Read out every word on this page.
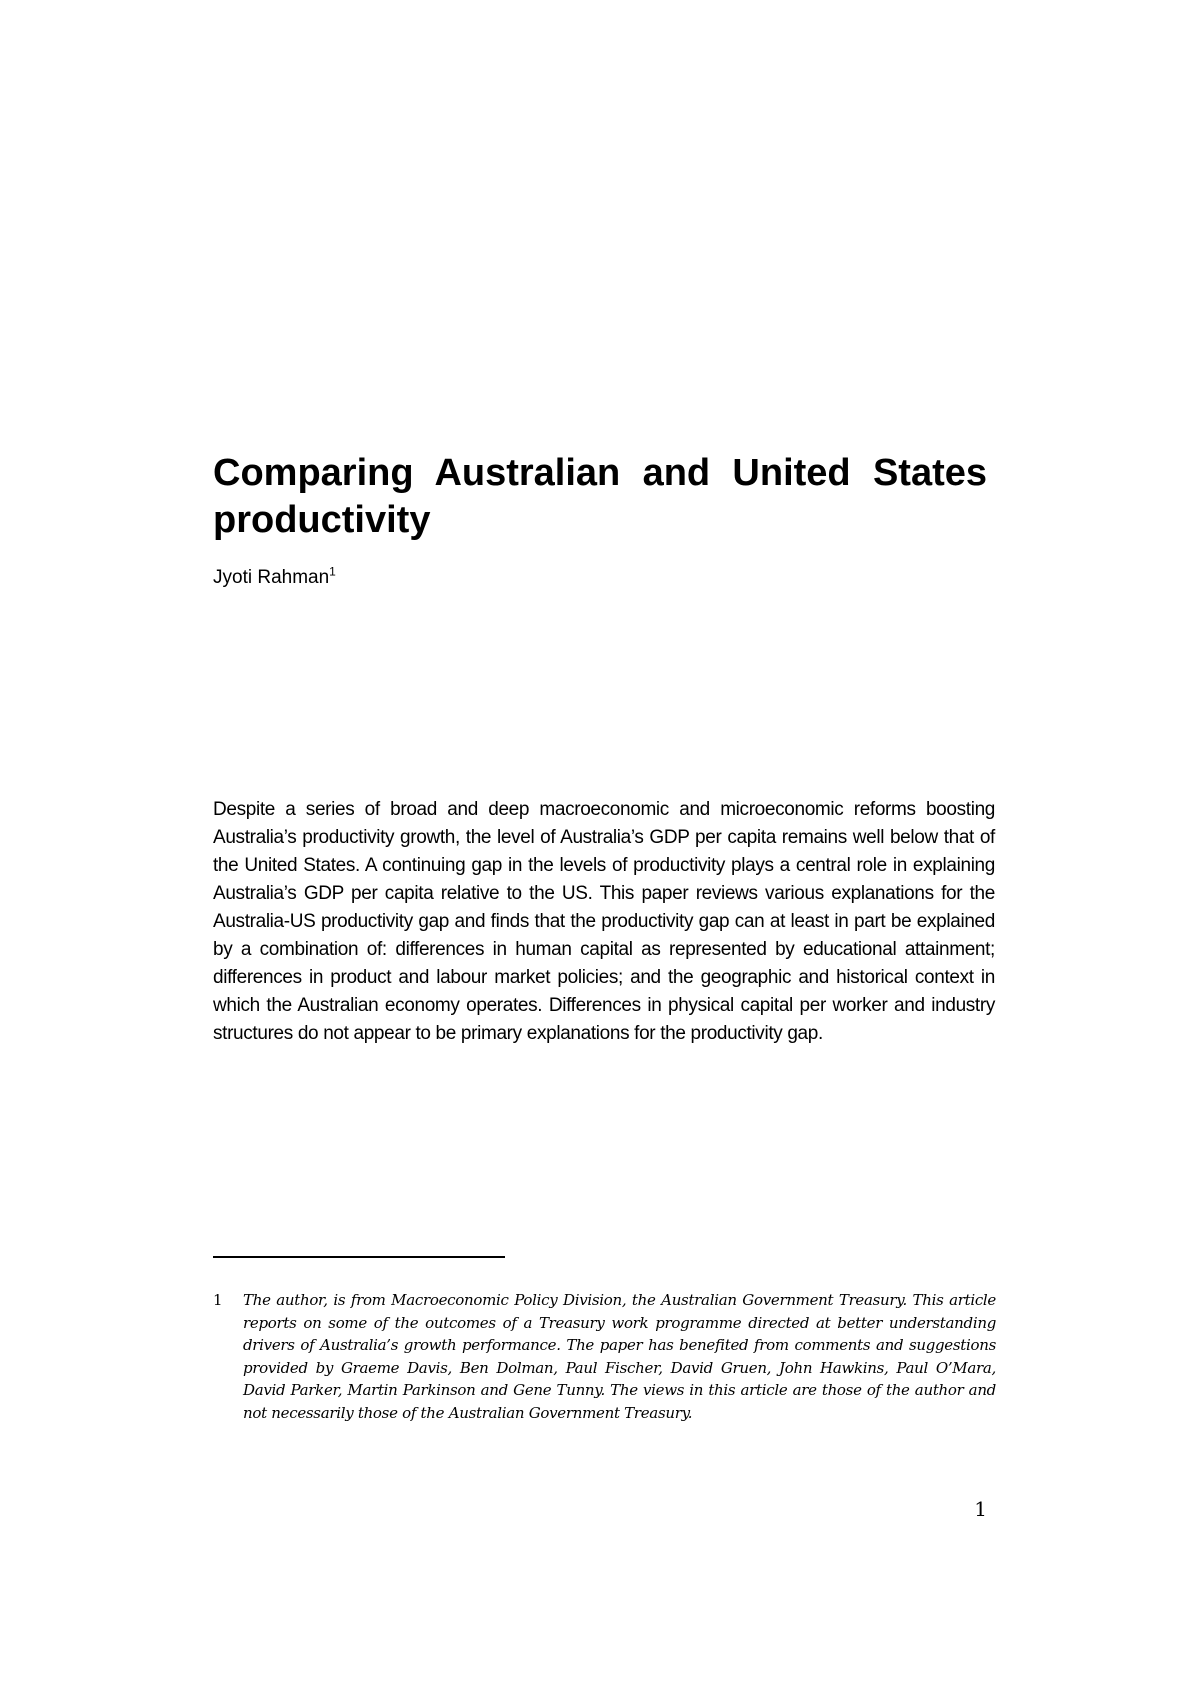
Comparing Australian and United States productivity
Jyoti Rahman$^1$

Despite a series of broad and deep macroeconomic and microeconomic reforms boosting Australia’s productivity growth, the level of Australia’s GDP per capita remains well below that of the United States. A continuing gap in the levels of productivity plays a central role in explaining Australia’s GDP per capita relative to the US. This paper reviews various explanations for the Australia-US productivity gap and finds that the productivity gap can at least in part be explained by a combination of: differences in human capital as represented by educational attainment; differences in product and labour market policies; and the geographic and historical context in which the Australian economy operates. Differences in physical capital per worker and industry structures do not appear to be primary explanations for the productivity gap.

1 The author, is from Macroeconomic Policy Division, the Australian Government Treasury. This article reports on some of the outcomes of a Treasury work programme directed at better understanding drivers of Australia’s growth performance. The paper has benefited from comments and suggestions provided by Graeme Davis, Ben Dolman, Paul Fischer, David Gruen, John Hawkins, Paul O’Mara, David Parker, Martin Parkinson and Gene Tunny. The views in this article are those of the author and not necessarily those of the Australian Government Treasury.

1
